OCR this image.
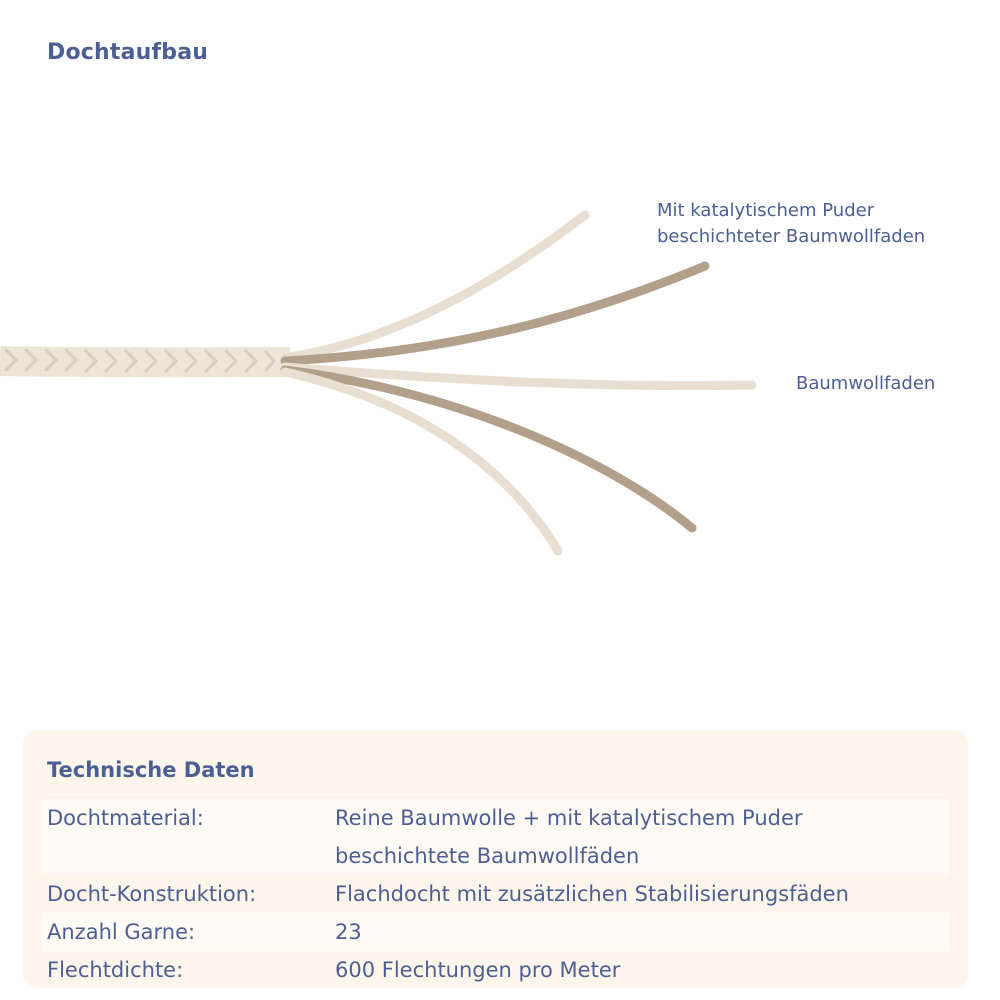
Dochtaufbau
Mit katalytischem Puder
beschichteter Baumwollfaden
Baumwollfaden
Technische Daten
Dochtmaterial:	Reine Baumwolle + mit katalytischem Puder
beschichtete Baumwollfäden
Docht-Konstruktion:	Flachdocht mit zusätzlichen Stabilisierungsfäden
Anzahl Garne:	23
Flechtdichte:	600 Flechtungen pro Meter
